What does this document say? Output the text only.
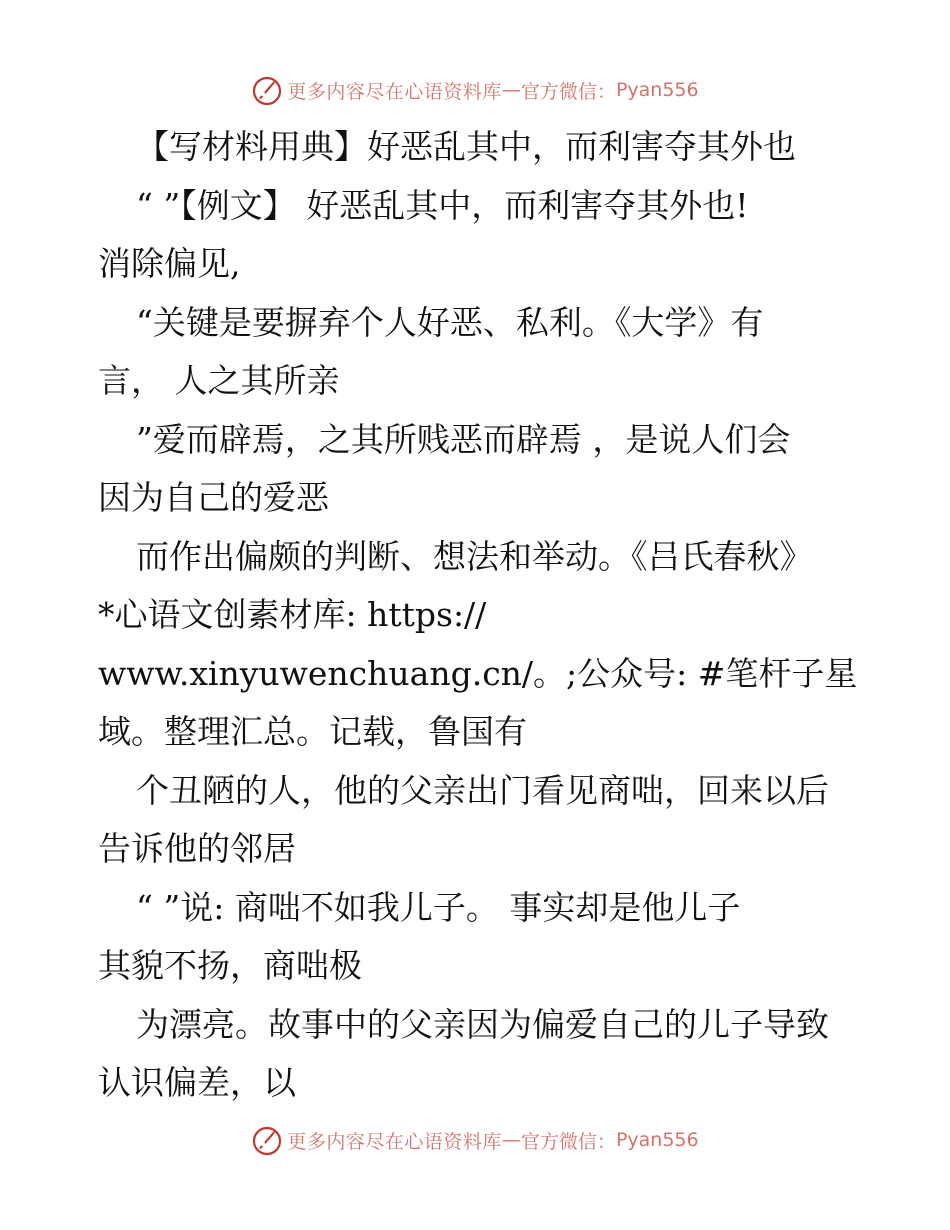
更多内容尽在心语资料库 — 官方微信： Pyan556
【写材料用典】好恶乱其中，而利害夺其外也
“ ”【例文】 好恶乱其中，而利害夺其外也!
消除偏见,
“关键是要摒弃个人好恶、私利。《大学》有
言， 人之其所亲
”爱而辟焉，之其所贱恶而辟焉 ，是说人们会
因为自己的爱恶
而作出偏颇的判断、想法和举动。《吕氏春秋》
*心语文创素材库: https://
www.xinyuwenchuang.cn/。;公众号: #笔杆子星
域。整理汇总。记载，鲁国有
个丑陋的人，他的父亲出门看见商咄，回来以后
告诉他的邻居
“ ”说: 商咄不如我儿子。 事实却是他儿子
其貌不扬，商咄极
为漂亮。故事中的父亲因为偏爱自己的儿子导致
认识偏差，以
更多内容尽在心语资料库 — 官方微信： Pyan556
